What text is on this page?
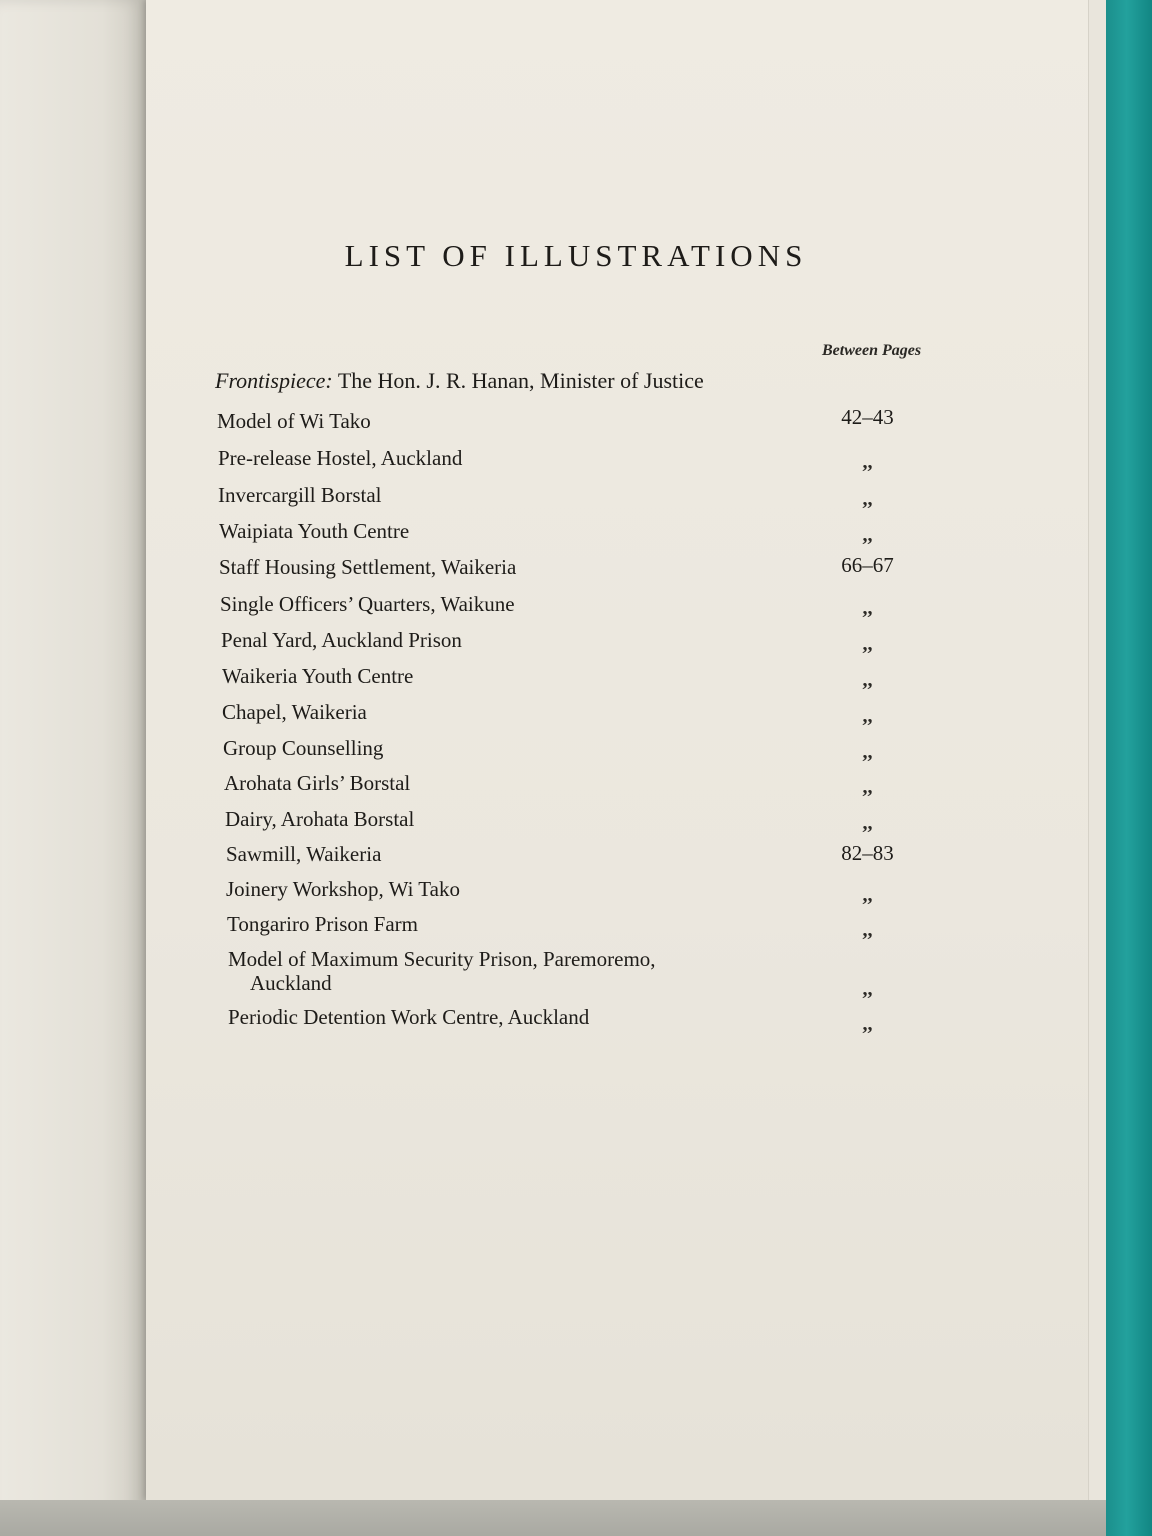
LIST OF ILLUSTRATIONS
Between Pages
Frontispiece: The Hon. J. R. Hanan, Minister of Justice
Model of Wi Tako	42–43
Pre-release Hostel, Auckland	,,
Invercargill Borstal	,,
Waipiata Youth Centre	,,
Staff Housing Settlement, Waikeria	66–67
Single Officers’ Quarters, Waikune	,,
Penal Yard, Auckland Prison	,,
Waikeria Youth Centre	,,
Chapel, Waikeria	,,
Group Counselling	,,
Arohata Girls’ Borstal	,,
Dairy, Arohata Borstal	,,
Sawmill, Waikeria	82–83
Joinery Workshop, Wi Tako	,,
Tongariro Prison Farm	,,
Model of Maximum Security Prison, Paremoremo,
Auckland	,,
Periodic Detention Work Centre, Auckland	,,
